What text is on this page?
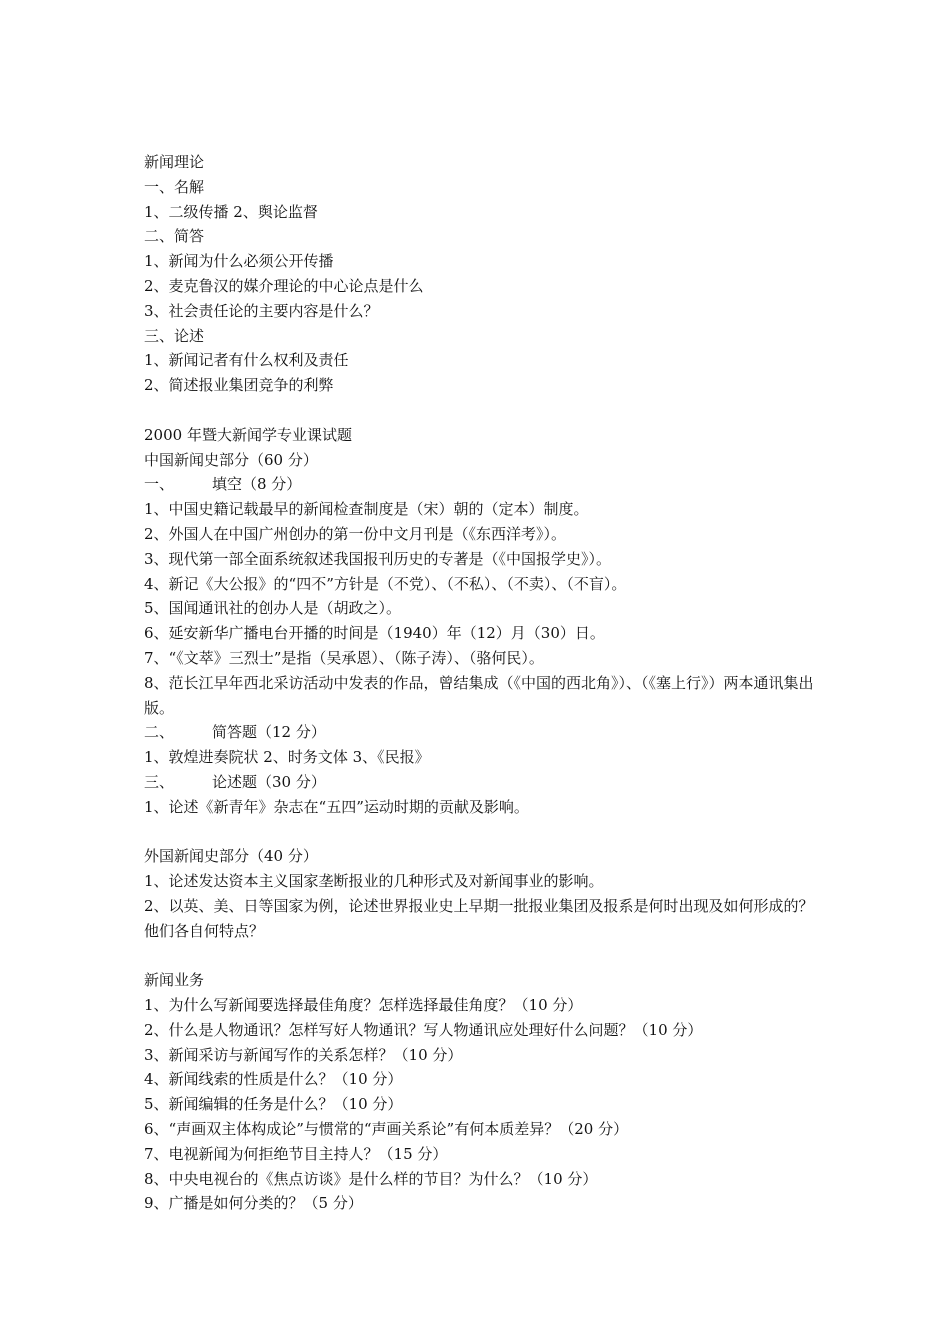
新闻理论
一、名解
1、二级传播 2、舆论监督
二、简答
1、新闻为什么必须公开传播
2、麦克鲁汉的媒介理论的中心论点是什么
3、社会责任论的主要内容是什么？
三、论述
1、新闻记者有什么权利及责任
2、简述报业集团竞争的利弊
2000 年暨大新闻学专业课试题
中国新闻史部分（60 分）
一、	填空（8 分）
1、中国史籍记载最早的新闻检查制度是（宋）朝的（定本）制度。
2、外国人在中国广州创办的第一份中文月刊是（《东西洋考》）。
3、现代第一部全面系统叙述我国报刊历史的专著是（《中国报学史》）。
4、新记《大公报》的“四不”方针是（不党）、（不私）、（不卖）、（不盲）。
5、国闻通讯社的创办人是（胡政之）。
6、延安新华广播电台开播的时间是（1940）年（12）月（30）日。
7、“《文萃》三烈士”是指（吴承恩）、（陈子涛）、（骆何民）。
8、范长江早年西北采访活动中发表的作品，曾结集成（《中国的西北角》）、（《塞上行》）两本通讯集出版。
二、	简答题（12 分）
1、敦煌进奏院状 2、时务文体 3、《民报》
三、	论述题（30 分）
1、论述《新青年》杂志在“五四”运动时期的贡献及影响。
外国新闻史部分（40 分）
1、论述发达资本主义国家垄断报业的几种形式及对新闻事业的影响。
2、以英、美、日等国家为例，论述世界报业史上早期一批报业集团及报系是何时出现及如何形成的？他们各自何特点？
新闻业务
1、为什么写新闻要选择最佳角度？怎样选择最佳角度？（10 分）
2、什么是人物通讯？怎样写好人物通讯？写人物通讯应处理好什么问题？（10 分）
3、新闻采访与新闻写作的关系怎样？（10 分）
4、新闻线索的性质是什么？（10 分）
5、新闻编辑的任务是什么？（10 分）
6、“声画双主体构成论”与惯常的“声画关系论”有何本质差异？（20 分）
7、电视新闻为何拒绝节目主持人？（15 分）
8、中央电视台的《焦点访谈》是什么样的节目？为什么？（10 分）
9、广播是如何分类的？（5 分）
